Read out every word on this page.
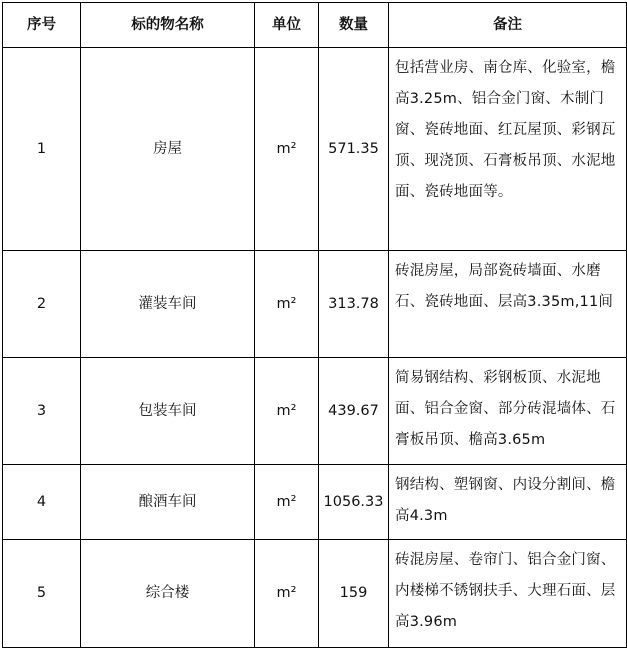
序号	标的物名称	单位	数量	备注
1	房屋	m²	571.35	包括营业房、南仓库、化验室，檐高3.25m、铝合金门窗、木制门窗、瓷砖地面、红瓦屋顶、彩钢瓦顶、现浇顶、石膏板吊顶、水泥地面、瓷砖地面等。
2	灌装车间	m²	313.78	砖混房屋，局部瓷砖墙面、水磨石、瓷砖地面、层高3.35m,11间
3	包装车间	m²	439.67	简易钢结构、彩钢板顶、水泥地面、铝合金窗、部分砖混墙体、石膏板吊顶、檐高3.65m
4	酿酒车间	m²	1056.33	钢结构、塑钢窗、内设分割间、檐高4.3m
5	综合楼	m²	159	砖混房屋、卷帘门、铝合金门窗、内楼梯不锈钢扶手、大理石面、层高3.96m
